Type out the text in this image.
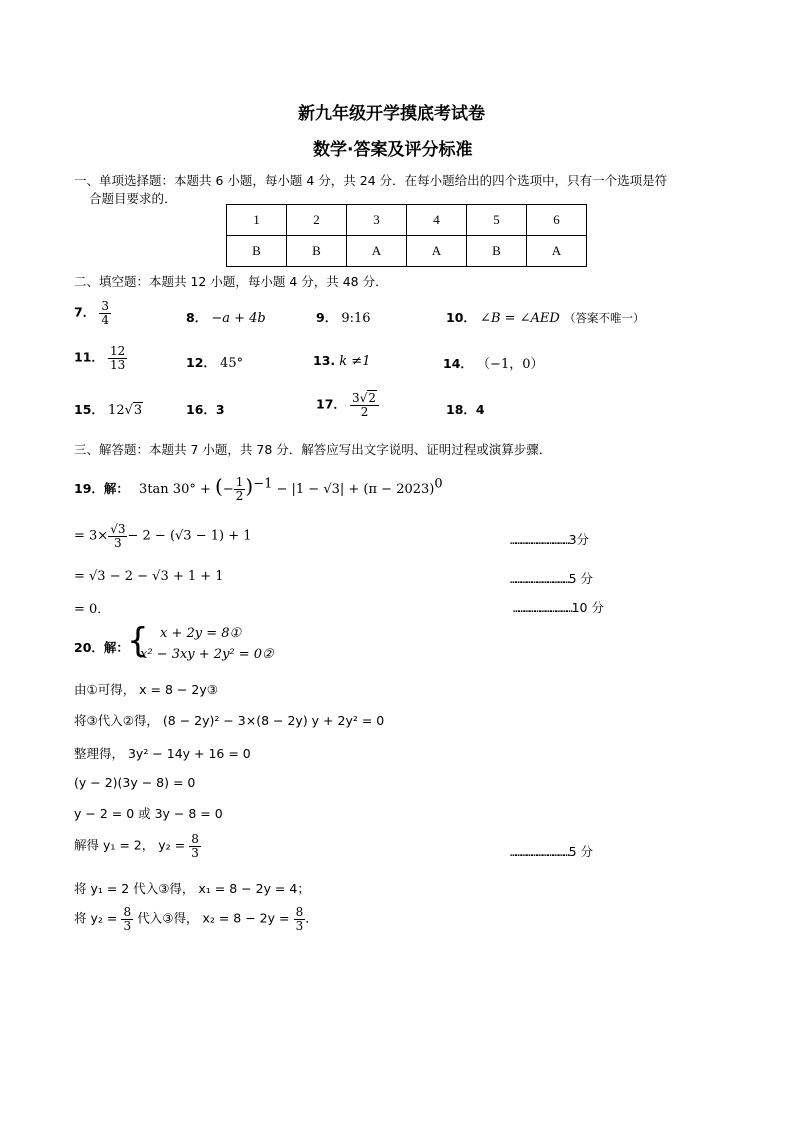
新九年级开学摸底考试卷
数学·答案及评分标准
一、单项选择题：本题共 6 小题，每小题 4 分，共 24 分．在每小题给出的四个选项中，只有一个选项是符
合题目要求的．
1	2	3	4	5	6
B	B	A	A	B	A
二、填空题：本题共 12 小题，每小题 4 分，共 48 分．
7． $\frac{3}{4}$	8． −a + 4b	9． 9:16	10． ∠B = ∠AED （答案不唯一）
11． $\frac{12}{13}$	12． 45°	13. k ≠1	14． （−1，0）
15． 12√3	16．3	17． $\frac{3√2}{2}$	18．4
三、解答题：本题共 7 小题，共 78 分．解答应写出文字说明、证明过程或演算步骤．
19．解： 3tan 30° + (− $\frac{1}{2} )^{-1} - |1 - √3| + (\pi - 2023)^0$
= $3\times \frac{√3}{3} - 2 - (√3 - 1) + 1$	……………………………3分
= √3 − 2 − √3 + 1 + 1	……………………………5 分
= 0．	……………………………10 分
20．解：
{ x + 2y = 8①
x² − 3xy + 2y² = 0②
由①可得， x = 8 − 2y③
将③代入②得， (8 − 2y)² − 3×(8 − 2y) y + 2y² = 0
整理得， 3y² − 14y + 16 = 0
(y − 2)(3y − 8) = 0
y − 2 = 0 或 3y − 8 = 0
解得 y₁ = 2， $y_2 = \frac{8}{3}$	……………………………5 分
将 y₁ = 2 代入③得， x₁ = 8 − 2y = 4；
将 $y_2 = \frac{8}{3}$ 代入③得， $x_2 = 8 - 2y = \frac{8}{3}$ ．
